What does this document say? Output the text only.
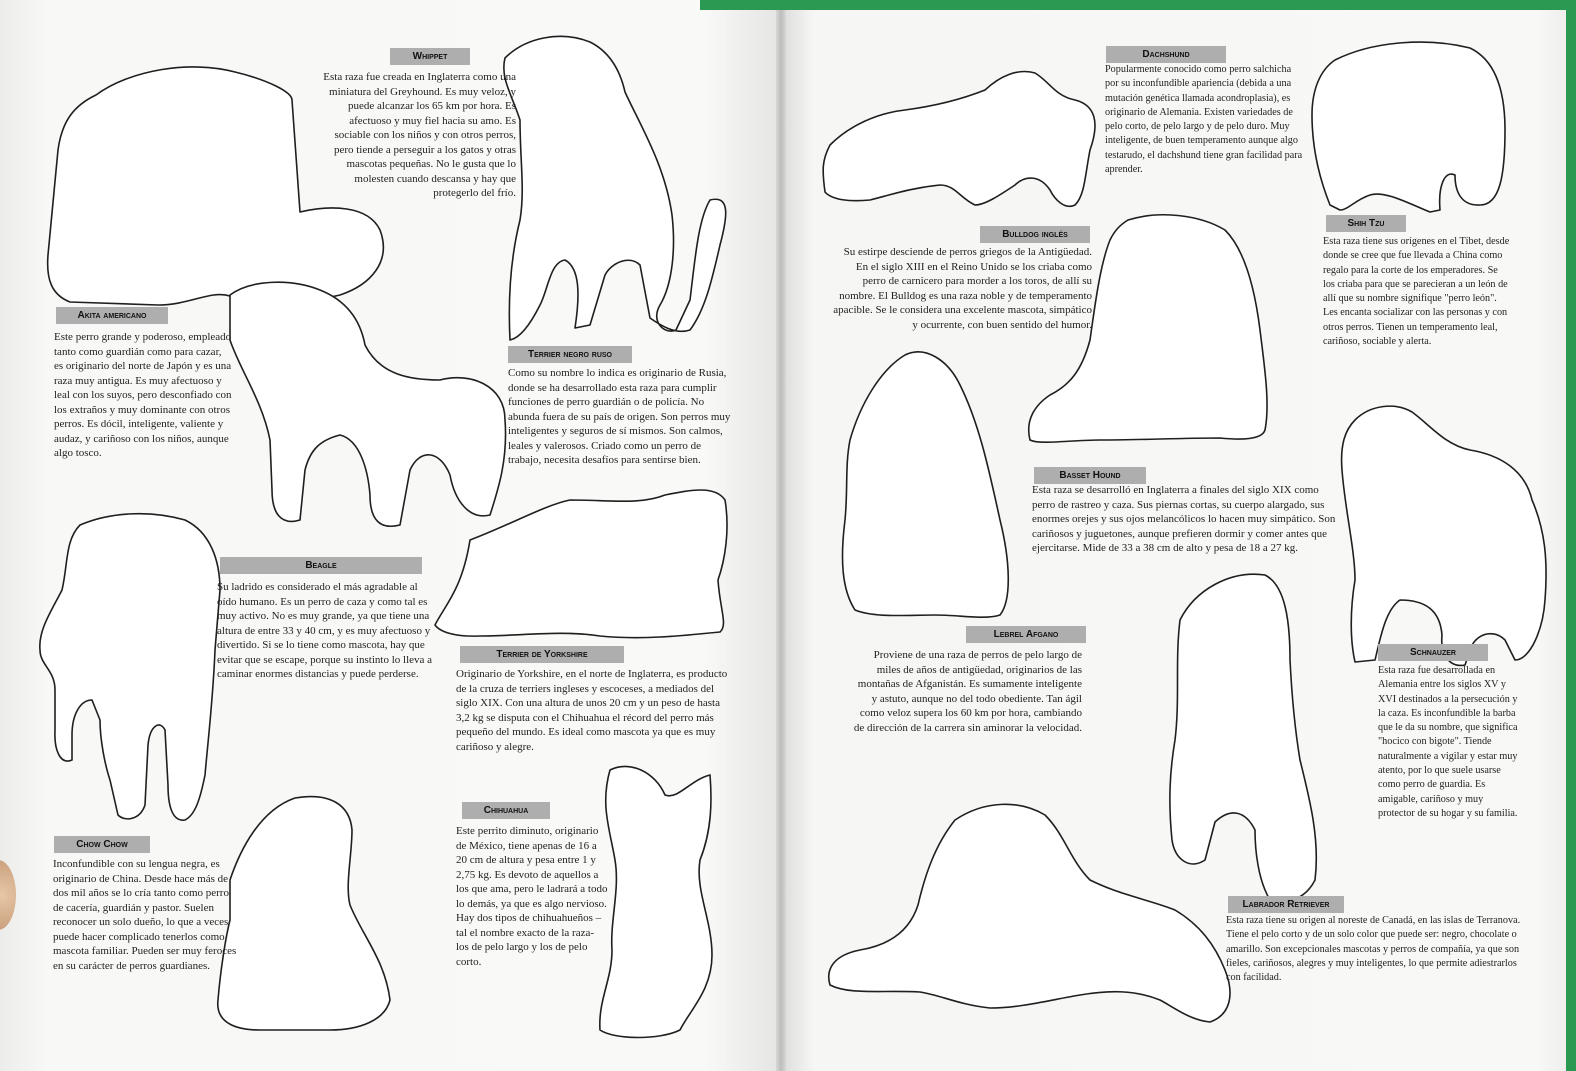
Whippet

Esta raza fue creada en Inglaterra como una miniatura del Greyhound. Es muy veloz, y puede alcanzar los 65 km por hora. Es afectuoso y muy fiel hacia su amo. Es sociable con los niños y con otros perros, pero tiende a perseguir a los gatos y otras mascotas pequeñas. No le gusta que lo molesten cuando descansa y hay que protegerlo del frío.

Akita americano

Este perro grande y poderoso, empleado tanto como guardián como para cazar, es originario del norte de Japón y es una raza muy antigua. Es muy afectuoso y leal con los suyos, pero desconfiado con los extraños y muy dominante con otros perros. Es dócil, inteligente, valiente y audaz, y cariñoso con los niños, aunque algo tosco.

Terrier negro ruso

Como su nombre lo indica es originario de Rusia, donde se ha desarrollado esta raza para cumplir funciones de perro guardián o de policía. No abunda fuera de su país de origen. Son perros muy inteligentes y seguros de sí mismos. Son calmos, leales y valerosos. Criado como un perro de trabajo, necesita desafíos para sentirse bien.

Beagle

Su ladrido es considerado el más agradable al oído humano. Es un perro de caza y como tal es muy activo. No es muy grande, ya que tiene una altura de entre 33 y 40 cm, y es muy afectuoso y divertido. Si se lo tiene como mascota, hay que evitar que se escape, porque su instinto lo lleva a caminar enormes distancias y puede perderse.

Terrier de Yorkshire

Originario de Yorkshire, en el norte de Inglaterra, es producto de la cruza de terriers ingleses y escoceses, a mediados del siglo XIX. Con una altura de unos 20 cm y un peso de hasta 3,2 kg se disputa con el Chihuahua el récord del perro más pequeño del mundo. Es ideal como mascota ya que es muy cariñoso y alegre.

Chow Chow

Inconfundible con su lengua negra, es originario de China. Desde hace más de dos mil años se lo cría tanto como perro de cacería, guardián y pastor. Suelen reconocer un solo dueño, lo que a veces puede hacer complicado tenerlos como mascota familiar. Pueden ser muy feroces en su carácter de perros guardianes.

Chihuahua

Este perrito diminuto, originario de México, tiene apenas de 16 a 20 cm de altura y pesa entre 1 y 2,75 kg. Es devoto de aquellos a los que ama, pero le ladrará a todo lo demás, ya que es algo nervioso. Hay dos tipos de chihuahueños –tal el nombre exacto de la raza- los de pelo largo y los de pelo corto.

Dachshund

Popularmente conocido como perro salchicha por su inconfundible apariencia (debida a una mutación genética llamada acondroplasia), es originario de Alemania. Existen variedades de pelo corto, de pelo largo y de pelo duro. Muy inteligente, de buen temperamento aunque algo testarudo, el dachshund tiene gran facilidad para aprender.

Bulldog inglés

Su estirpe desciende de perros griegos de la Antigüedad. En el siglo XIII en el Reino Unido se los criaba como perro de carnicero para morder a los toros, de allí su nombre. El Bulldog es una raza noble y de temperamento apacible. Se le considera una excelente mascota, simpático y ocurrente, con buen sentido del humor.

Shih Tzu

Esta raza tiene sus orígenes en el Tíbet, desde donde se cree que fue llevada a China como regalo para la corte de los emperadores. Se los criaba para que se parecieran a un león de allí que su nombre signifique "perro león". Les encanta socializar con las personas y con otros perros. Tienen un temperamento leal, cariñoso, sociable y alerta.

Basset Hound

Esta raza se desarrolló en Inglaterra a finales del siglo XIX como perro de rastreo y caza. Sus piernas cortas, su cuerpo alargado, sus enormes orejes y sus ojos melancólicos lo hacen muy simpático. Son cariñosos y juguetones, aunque prefieren dormir y comer antes que ejercitarse. Mide de 33 a 38 cm de alto y pesa de 18 a 27 kg.

Lebrel Afgano

Proviene de una raza de perros de pelo largo de miles de años de antigüedad, originarios de las montañas de Afganistán. Es sumamente inteligente y astuto, aunque no del todo obediente. Tan ágil como veloz supera los 60 km por hora, cambiando de dirección de la carrera sin aminorar la velocidad.

Schnauzer

Esta raza fue desarrollada en Alemania entre los siglos XV y XVI destinados a la persecución y la caza. Es inconfundible la barba que le da su nombre, que significa "hocico con bigote". Tiende naturalmente a vigilar y estar muy atento, por lo que suele usarse como perro de guardia. Es amigable, cariñoso y muy protector de su hogar y su familia.

Labrador Retriever

Esta raza tiene su origen al noreste de Canadá, en las islas de Terranova. Tiene el pelo corto y de un solo color que puede ser: negro, chocolate o amarillo. Son excepcionales mascotas y perros de compañía, ya que son fieles, cariñosos, alegres y muy inteligentes, lo que permite adiestrarlos con facilidad.
